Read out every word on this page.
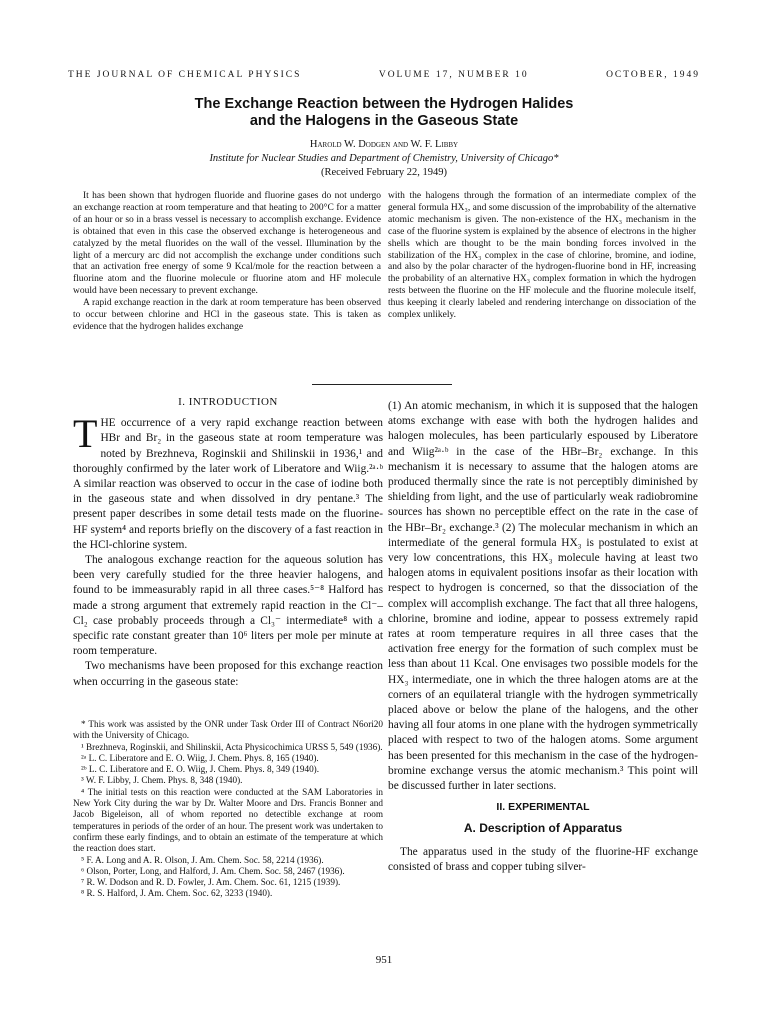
THE JOURNAL OF CHEMICAL PHYSICS	VOLUME 17, NUMBER 10	OCTOBER, 1949
The Exchange Reaction between the Hydrogen Halides
and the Halogens in the Gaseous State
Harold W. Dodgen and W. F. Libby
Institute for Nuclear Studies and Department of Chemistry, University of Chicago*
(Received February 22, 1949)

It has been shown that hydrogen fluoride and fluorine gases do not undergo an exchange reaction at room temperature and that heating to 200°C for a matter of an hour or so in a brass vessel is necessary to accomplish exchange. Evidence is obtained that even in this case the observed exchange is heterogeneous and catalyzed by the metal fluorides on the wall of the vessel. Illumination by the light of a mercury arc did not accomplish the exchange under conditions such that an activation free energy of some 9 Kcal/mole for the reaction between a fluorine atom and the fluorine molecule or fluorine atom and HF molecule would have been necessary to prevent exchange.

A rapid exchange reaction in the dark at room temperature has been observed to occur between chlorine and HCl in the gaseous state. This is taken as evidence that the hydrogen halides exchange

with the halogens through the formation of an intermediate complex of the general formula HX₃, and some discussion of the improbability of the alternative atomic mechanism is given. The non-existence of the HX₃ mechanism in the case of the fluorine system is explained by the absence of electrons in the higher shells which are thought to be the main bonding forces involved in the stabilization of the HX₃ complex in the case of chlorine, bromine, and iodine, and also by the polar character of the hydrogen-fluorine bond in HF, increasing the probability of an alternative HX₃ complex formation in which the hydrogen rests between the fluorine on the HF molecule and the fluorine molecule itself, thus keeping it clearly labeled and rendering interchange on dissociation of the complex unlikely.

I. INTRODUCTION

THE occurrence of a very rapid exchange reaction between HBr and Br₂ in the gaseous state at room temperature was noted by Brezhneva, Roginskii and Shilinskii in 1936,¹ and thoroughly confirmed by the later work of Liberatore and Wiig.²ᵃ·ᵇ A similar reaction was observed to occur in the case of iodine both in the gaseous state and when dissolved in dry pentane.³ The present paper describes in some detail tests made on the fluorine-HF system⁴ and reports briefly on the discovery of a fast reaction in the HCl-chlorine system.

The analogous exchange reaction for the aqueous solution has been very carefully studied for the three heavier halogens, and found to be immeasurably rapid in all three cases.⁵⁻⁸ Halford has made a strong argument that extremely rapid reaction in the Cl⁻–Cl₂ case probably proceeds through a Cl₃⁻ intermediate⁸ with a specific rate constant greater than 10⁶ liters per mole per minute at room temperature.

Two mechanisms have been proposed for this exchange reaction when occurring in the gaseous state:

* This work was assisted by the ONR under Task Order III of Contract N6ori20 with the University of Chicago.

¹ Brezhneva, Roginskii, and Shilinskii, Acta Physicochimica URSS 5, 549 (1936).

²ᵃ L. C. Liberatore and E. O. Wiig, J. Chem. Phys. 8, 165 (1940).

²ᵇ L. C. Liberatore and E. O. Wiig, J. Chem. Phys. 8, 349 (1940).

³ W. F. Libby, J. Chem. Phys. 8, 348 (1940).

⁴ The initial tests on this reaction were conducted at the SAM Laboratories in New York City during the war by Dr. Walter Moore and Drs. Francis Bonner and Jacob Bigeleison, all of whom reported no detectible exchange at room temperatures in periods of the order of an hour. The present work was undertaken to confirm these early findings, and to obtain an estimate of the temperature at which the reaction does start.

⁵ F. A. Long and A. R. Olson, J. Am. Chem. Soc. 58, 2214 (1936).

⁶ Olson, Porter, Long, and Halford, J. Am. Chem. Soc. 58, 2467 (1936).

⁷ R. W. Dodson and R. D. Fowler, J. Am. Chem. Soc. 61, 1215 (1939).

⁸ R. S. Halford, J. Am. Chem. Soc. 62, 3233 (1940).

(1) An atomic mechanism, in which it is supposed that the halogen atoms exchange with ease with both the hydrogen halides and halogen molecules, has been particularly espoused by Liberatore and Wiig²ᵃ·ᵇ in the case of the HBr–Br₂ exchange. In this mechanism it is necessary to assume that the halogen atoms are produced thermally since the rate is not perceptibly diminished by shielding from light, and the use of particularly weak radiobromine sources has shown no perceptible effect on the rate in the case of the HBr–Br₂ exchange.³ (2) The molecular mechanism in which an intermediate of the general formula HX₃ is postulated to exist at very low concentrations, this HX₃ molecule having at least two halogen atoms in equivalent positions insofar as their location with respect to hydrogen is concerned, so that the dissociation of the complex will accomplish exchange. The fact that all three halogens, chlorine, bromine and iodine, appear to possess extremely rapid rates at room temperature requires in all three cases that the activation free energy for the formation of such complex must be less than about 11 Kcal. One envisages two possible models for the HX₃ intermediate, one in which the three halogen atoms are at the corners of an equilateral triangle with the hydrogen symmetrically placed above or below the plane of the halogens, and the other having all four atoms in one plane with the hydrogen symmetrically placed with respect to two of the halogen atoms. Some argument has been presented for this mechanism in the case of the hydrogen-bromine exchange versus the atomic mechanism.³ This point will be discussed further in later sections.

II. EXPERIMENTAL
A. Description of Apparatus

The apparatus used in the study of the fluorine-HF exchange consisted of brass and copper tubing silver-

951
